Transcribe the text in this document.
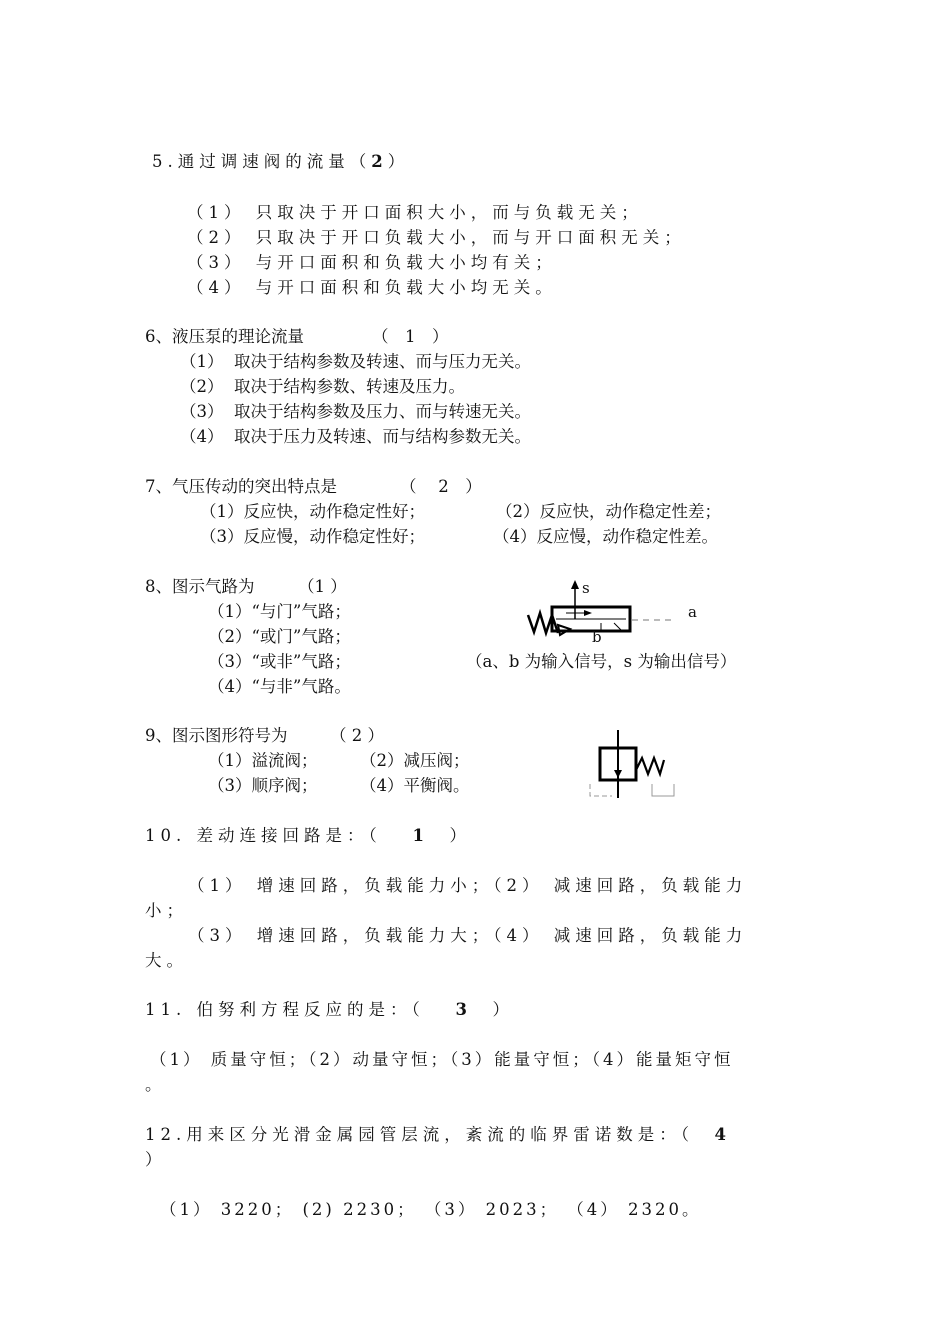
5.通过调速阀的流量（2）
（1） 只取决于开口面积大小，而与负载无关；
（2） 只取决于开口负载大小，而与开口面积无关；
（3） 与开口面积和负载大小均有关；
（4） 与开口面积和负载大小均无关。
6、液压泵的理论流量	（　1　）
（1）  取决于结构参数及转速、而与压力无关。
（2）  取决于结构参数、转速及压力。
（3）  取决于结构参数及压力、而与转速无关。
（4）  取决于压力及转速、而与结构参数无关。
7、气压传动的突出特点是	（　 2　）
（1）反应快，动作稳定性好；	（2）反应快，动作稳定性差；
（3）反应慢，动作稳定性好；	（4）反应慢，动作稳定性差。
8、图示气路为	（1 ）
（1）“与门”气路；
（2）“或门”气路；
（3）“或非”气路；
（4）“与非”气路。
s
a
b
（a、b 为输入信号，s 为输出信号）
9、图示图形符号为	（ 2 ）
（1）溢流阀；	（2）减压阀；
（3）顺序阀；	（4）平衡阀。
10. 差动连接回路是：（ 1 ）
（1） 增速回路，负载能力小；（2） 减速回路，负载能力
小；
（3） 增速回路，负载能力大；（4） 减速回路，负载能力
大。
11. 伯努利方程反应的是：（ 3 ）
（1） 质量守恒；（2）动量守恒；（3）能量守恒；（4）能量矩守恒
。
12.用来区分光滑金属园管层流，紊流的临界雷诺数是：（ 4
）
（1） 3220； (2) 2230； （3） 2023； （4） 2320。
